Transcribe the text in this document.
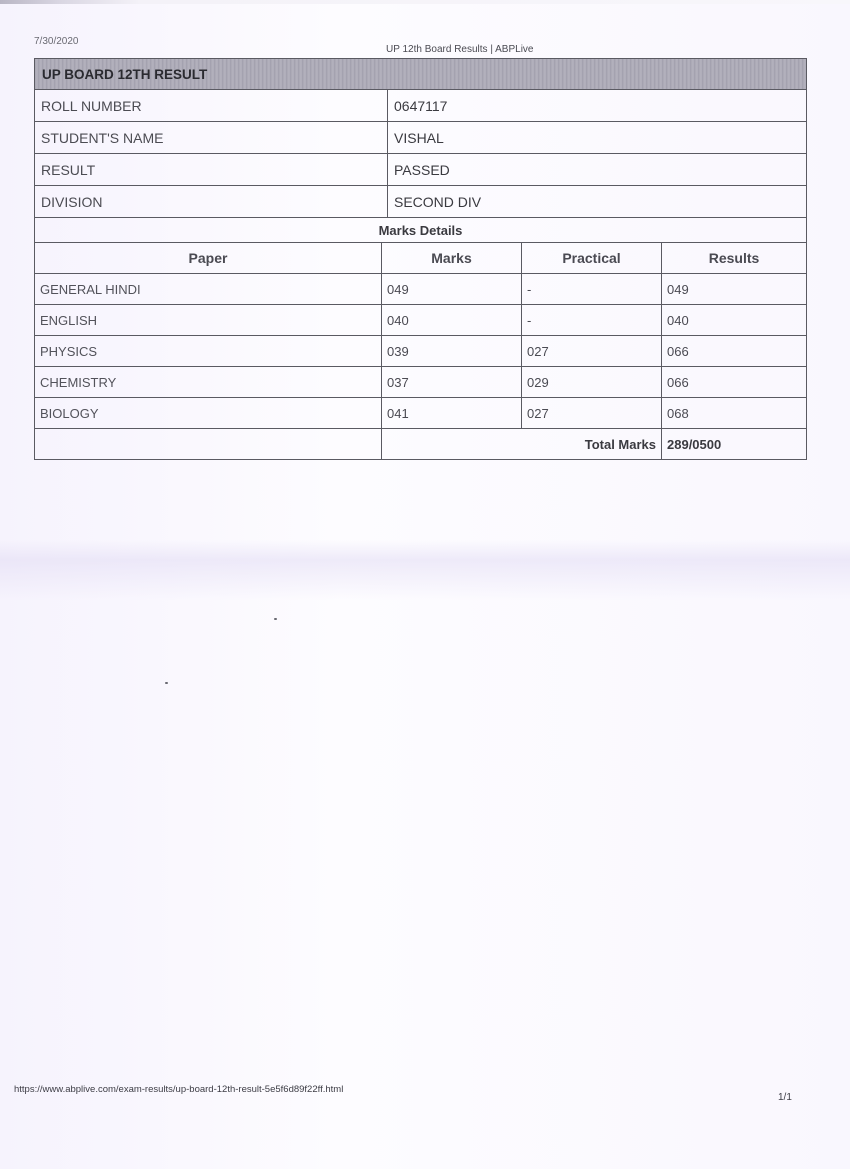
7/30/2020
UP 12th Board Results | ABPLive
UP BOARD 12TH RESULT
ROLL NUMBER	0647117
STUDENT'S NAME	VISHAL
RESULT	PASSED
DIVISION	SECOND DIV
Marks Details
Paper	Marks	Practical	Results
GENERAL HINDI	049	-	049
ENGLISH	040	-	040
PHYSICS	039	027	066
CHEMISTRY	037	029	066
BIOLOGY	041	027	068
Total Marks 289/0500
https://www.abplive.com/exam-results/up-board-12th-result-5e5f6d89f22ff.html
1/1
